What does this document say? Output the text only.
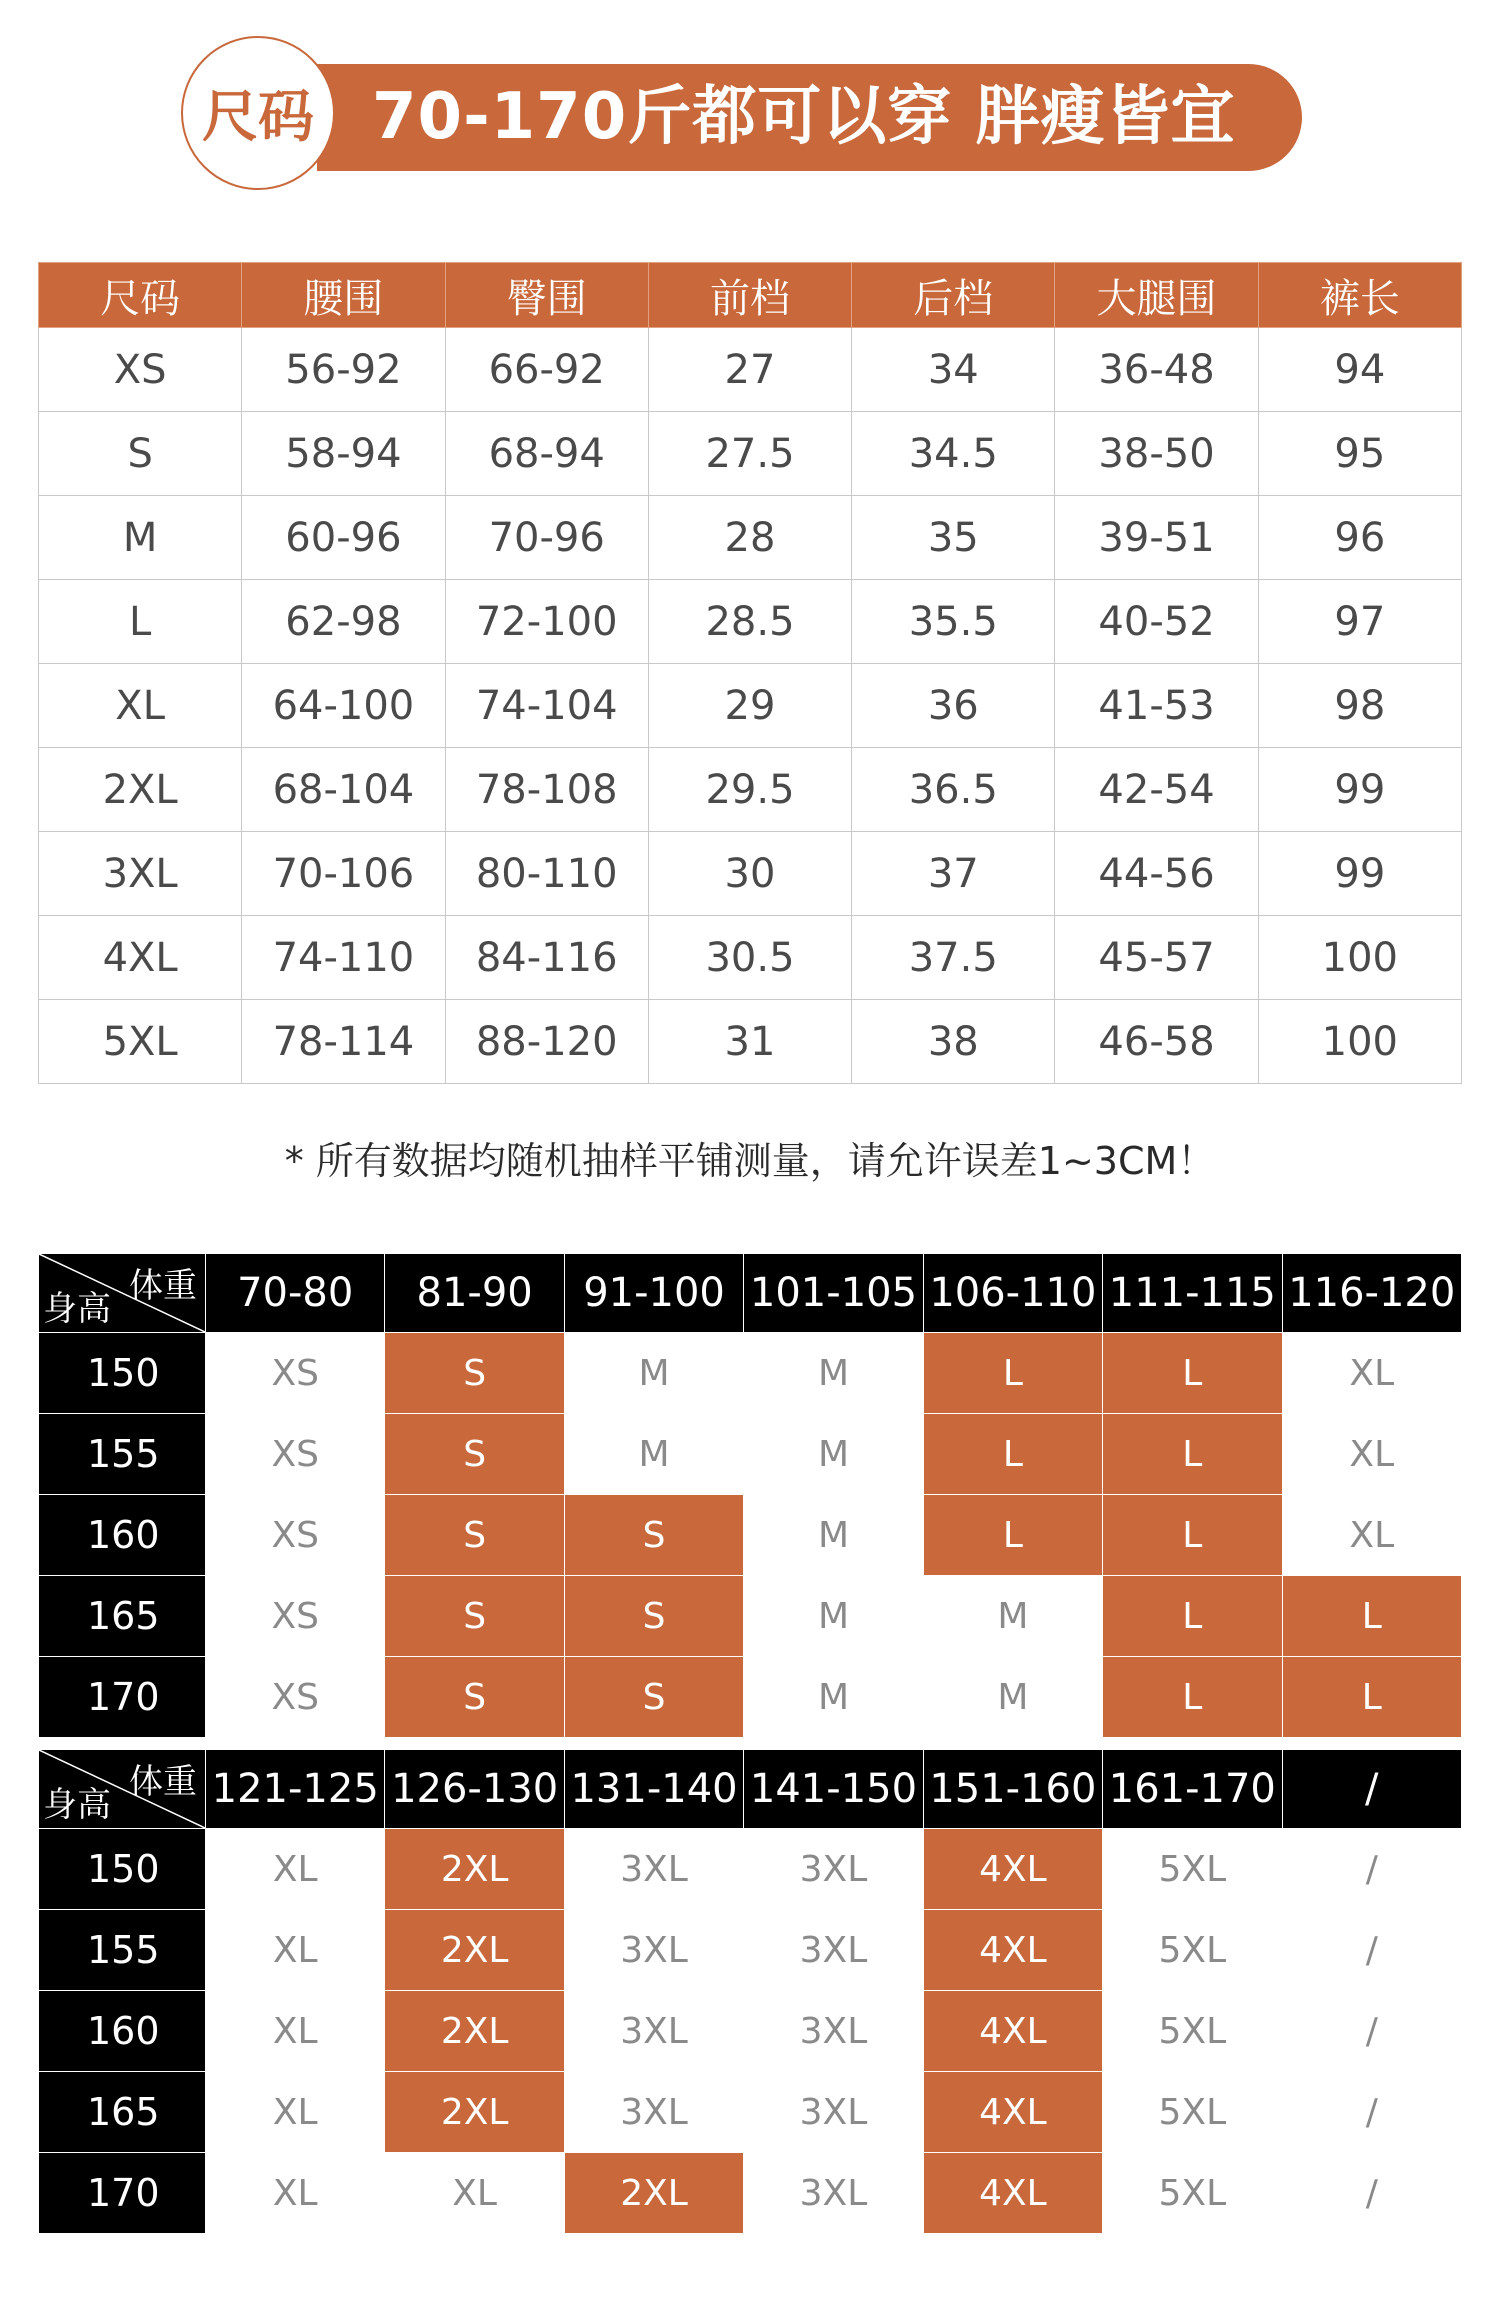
尺码 70-170斤都可以穿 胖瘦皆宜
尺码	腰围	臀围	前档	后档	大腿围	裤长
XS	56-92	66-92	27	34	36-48	94
S	58-94	68-94	27.5	34.5	38-50	95
M	60-96	70-96	28	35	39-51	96
L	62-98	72-100	28.5	35.5	40-52	97
XL	64-100	74-104	29	36	41-53	98
2XL	68-104	78-108	29.5	36.5	42-54	99
3XL	70-106	80-110	30	37	44-56	99
4XL	74-110	84-116	30.5	37.5	45-57	100
5XL	78-114	88-120	31	38	46-58	100
* 所有数据均随机抽样平铺测量，请允许误差1~3CM！
体重
身高	70-80	81-90	91-100	101-105	106-110	111-115	116-120
150	XS	S	M	M	L	L	XL
155	XS	S	M	M	L	L	XL
160	XS	S	S	M	L	L	XL
165	XS	S	S	M	M	L	L
170	XS	S	S	M	M	L	L
体重
身高	121-125	126-130	131-140	141-150	151-160	161-170	/
150	XL	2XL	3XL	3XL	4XL	5XL	/
155	XL	2XL	3XL	3XL	4XL	5XL	/
160	XL	2XL	3XL	3XL	4XL	5XL	/
165	XL	2XL	3XL	3XL	4XL	5XL	/
170	XL	XL	2XL	3XL	4XL	5XL	/
